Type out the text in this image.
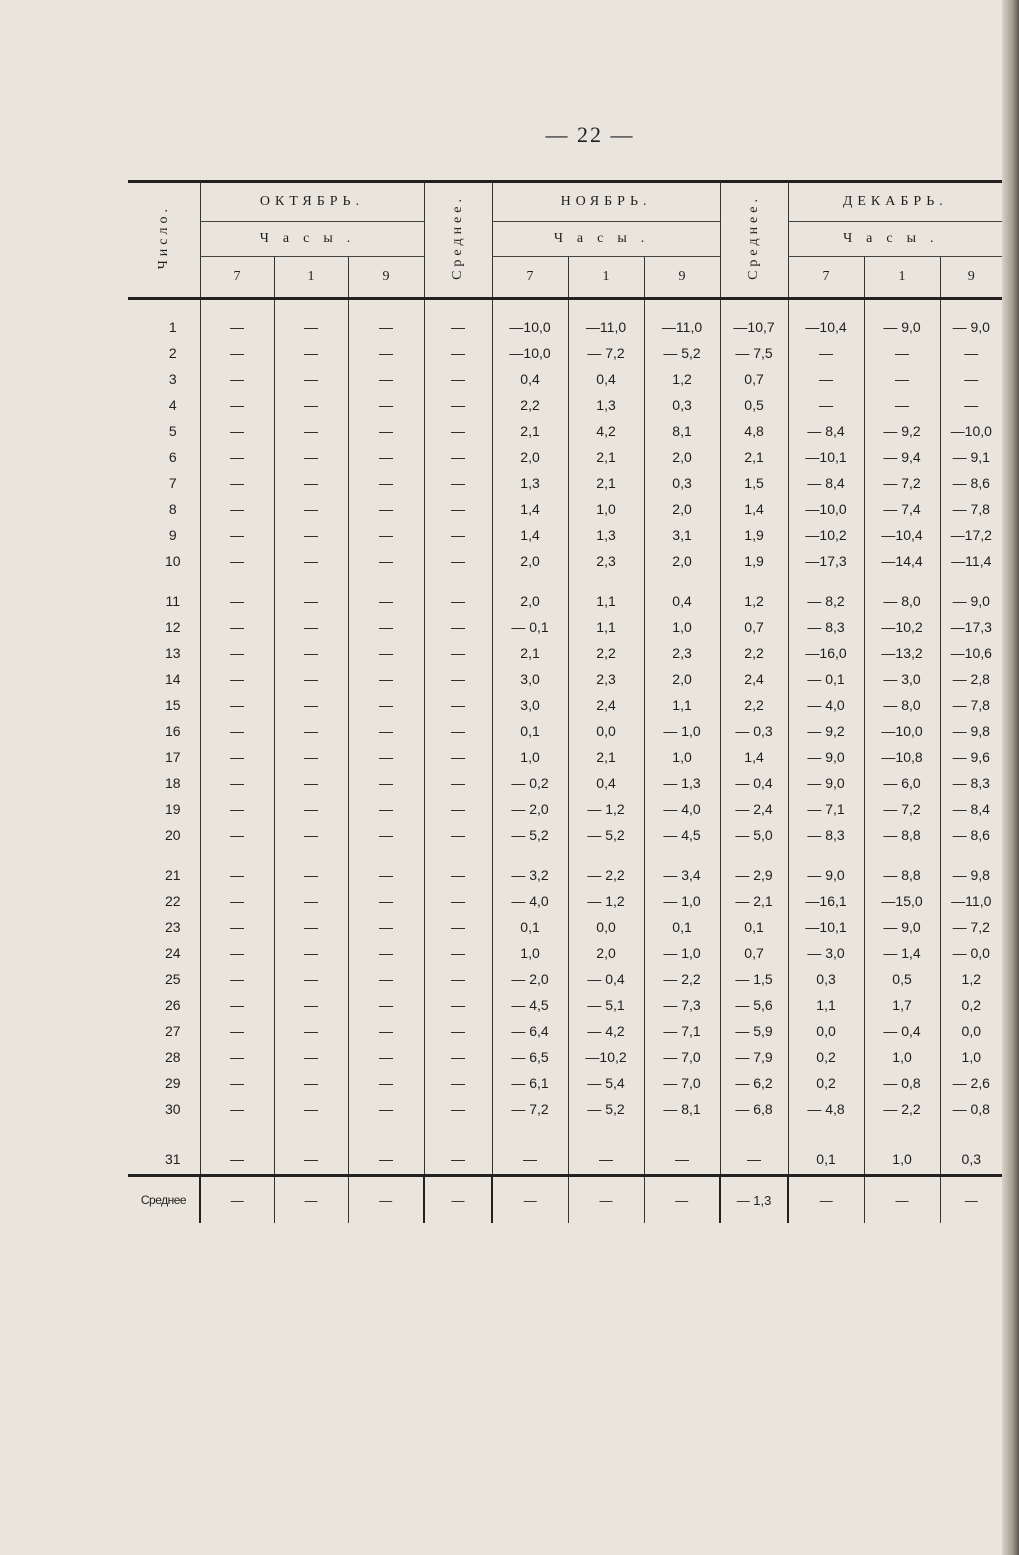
— 22 —
Число.	ОКТЯБРЬ.			Среднее.	НОЯБРЬ.			Среднее.	ДЕКАБРЬ.		
	Часы.				Часы.				Часы.		
	7	1	9		7	1	9		7	1	9
1	—	—	—	—	—10,0	—11,0	—11,0	—10,7	—10,4	— 9,0	— 9,0
2	—	—	—	—	—10,0	— 7,2	— 5,2	— 7,5	—	—	—
3	—	—	—	—	0,4	0,4	1,2	0,7	—	—	—
4	—	—	—	—	2,2	1,3	0,3	0,5	—	—	—
5	—	—	—	—	2,1	4,2	8,1	4,8	— 8,4	— 9,2	—10,0
6	—	—	—	—	2,0	2,1	2,0	2,1	—10,1	— 9,4	— 9,1
7	—	—	—	—	1,3	2,1	0,3	1,5	— 8,4	— 7,2	— 8,6
8	—	—	—	—	1,4	1,0	2,0	1,4	—10,0	— 7,4	— 7,8
9	—	—	—	—	1,4	1,3	3,1	1,9	—10,2	—10,4	—17,2
10	—	—	—	—	2,0	2,3	2,0	1,9	—17,3	—14,4	—11,4
11	—	—	—	—	2,0	1,1	0,4	1,2	— 8,2	— 8,0	— 9,0
12	—	—	—	—	— 0,1	1,1	1,0	0,7	— 8,3	—10,2	—17,3
13	—	—	—	—	2,1	2,2	2,3	2,2	—16,0	—13,2	—10,6
14	—	—	—	—	3,0	2,3	2,0	2,4	— 0,1	— 3,0	— 2,8
15	—	—	—	—	3,0	2,4	1,1	2,2	— 4,0	— 8,0	— 7,8
16	—	—	—	—	0,1	0,0	— 1,0	— 0,3	— 9,2	—10,0	— 9,8
17	—	—	—	—	1,0	2,1	1,0	1,4	— 9,0	—10,8	— 9,6
18	—	—	—	—	— 0,2	0,4	— 1,3	— 0,4	— 9,0	— 6,0	— 8,3
19	—	—	—	—	— 2,0	— 1,2	— 4,0	— 2,4	— 7,1	— 7,2	— 8,4
20	—	—	—	—	— 5,2	— 5,2	— 4,5	— 5,0	— 8,3	— 8,8	— 8,6
21	—	—	—	—	— 3,2	— 2,2	— 3,4	— 2,9	— 9,0	— 8,8	— 9,8
22	—	—	—	—	— 4,0	— 1,2	— 1,0	— 2,1	—16,1	—15,0	—11,0
23	—	—	—	—	0,1	0,0	0,1	0,1	—10,1	— 9,0	— 7,2
24	—	—	—	—	1,0	2,0	— 1,0	0,7	— 3,0	— 1,4	— 0,0
25	—	—	—	—	— 2,0	— 0,4	— 2,2	— 1,5	0,3	0,5	1,2
26	—	—	—	—	— 4,5	— 5,1	— 7,3	— 5,6	1,1	1,7	0,2
27	—	—	—	—	— 6,4	— 4,2	— 7,1	— 5,9	0,0	— 0,4	0,0
28	—	—	—	—	— 6,5	—10,2	— 7,0	— 7,9	0,2	1,0	1,0
29	—	—	—	—	— 6,1	— 5,4	— 7,0	— 6,2	0,2	— 0,8	— 2,6
30	—	—	—	—	— 7,2	— 5,2	— 8,1	— 6,8	— 4,8	— 2,2	— 0,8
31	—	—	—	—	—	—	—	—	0,1	1,0	0,3
Среднее	—	—	—	—	—	—	—	— 1,3	—	—	—
